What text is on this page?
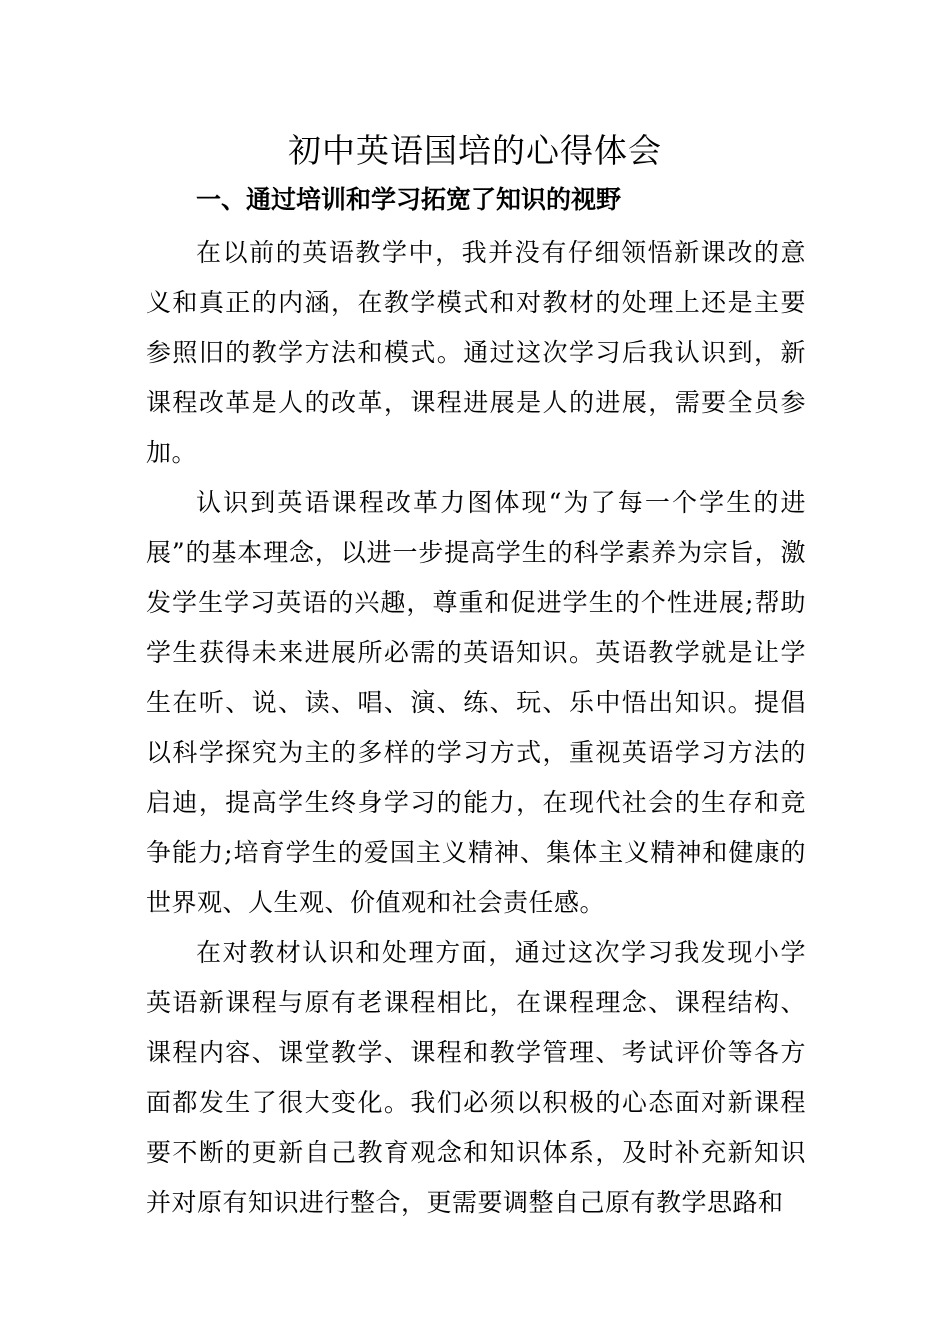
初中英语国培的心得体会
一、通过培训和学习拓宽了知识的视野

在以前的英语教学中，我并没有仔细领悟新课改的意义和真正的内涵，在教学模式和对教材的处理上还是主要参照旧的教学方法和模式。通过这次学习后我认识到，新课程改革是人的改革，课程进展是人的进展，需要全员参加。

认识到英语课程改革力图体现“为了每一个学生的进展”的基本理念，以进一步提高学生的科学素养为宗旨，激发学生学习英语的兴趣，尊重和促进学生的个性进展;帮助学生获得未来进展所必需的英语知识。英语教学就是让学生在听、说、读、唱、演、练、玩、乐中悟出知识。提倡以科学探究为主的多样的学习方式，重视英语学习方法的启迪，提高学生终身学习的能力，在现代社会的生存和竞争能力;培育学生的爱国主义精神、集体主义精神和健康的世界观、人生观、价值观和社会责任感。

在对教材认识和处理方面，通过这次学习我发现小学英语新课程与原有老课程相比，在课程理念、课程结构、课程内容、课堂教学、课程和教学管理、考试评价等各方面都发生了很大变化。我们必须以积极的心态面对新课程要不断的更新自己教育观念和知识体系，及时补充新知识并对原有知识进行整合，更需要调整自己原有教学思路和
